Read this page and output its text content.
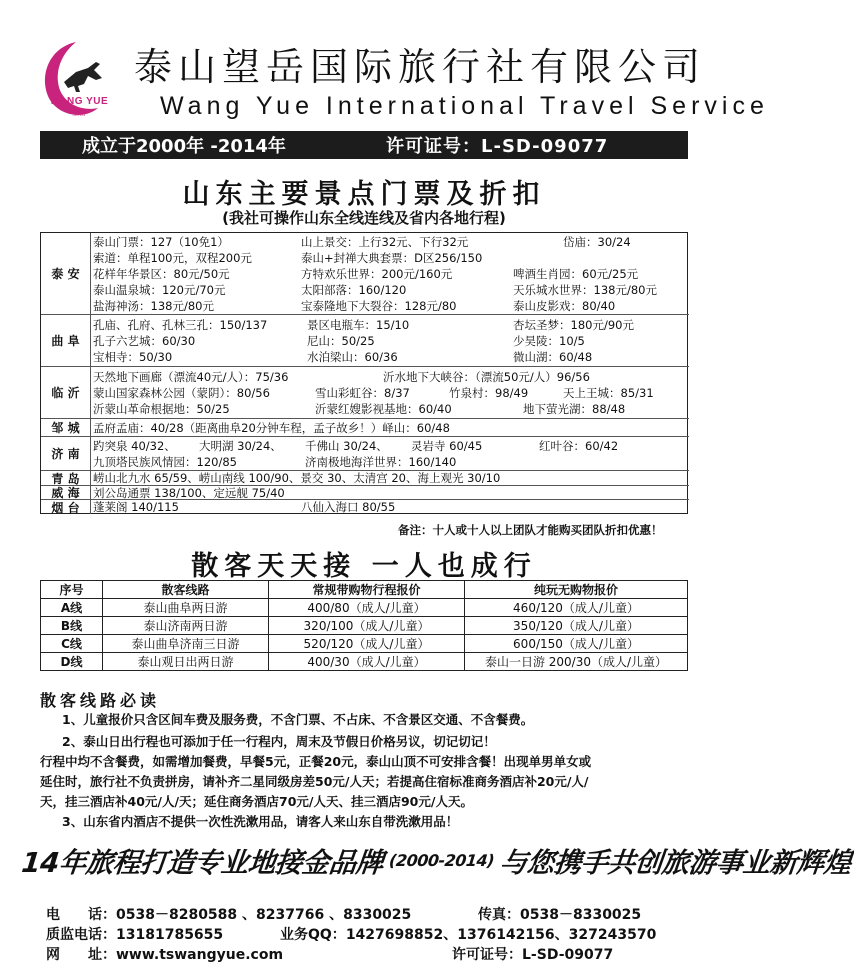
WANG YUE
望岳
泰山望岳国际旅行社有限公司
Wang Yue International Travel Service
成立于2000年 -2014年	许可证号：L-SD-09077
山东主要景点门票及折扣
(我社可操作山东全线连线及省内各地行程)
泰 安
泰山门票：127（10免1）	山上景交：上行32元、下行32元	岱庙：30/24
索道：单程100元，双程200元	泰山+封禅大典套票：D区256/150
花样年华景区：80元/50元	方特欢乐世界：200元/160元	啤酒生肖园：60元/25元
泰山温泉城：120元/70元	太阳部落：160/120	天乐城水世界：138元/80元
盐海神汤：138元/80元	宝泰隆地下大裂谷：128元/80	泰山皮影戏：80/40
曲 阜
孔庙、孔府、孔林三孔：150/137	景区电瓶车：15/10	杏坛圣梦：180元/90元
孔子六艺城：60/30	尼山：50/25	少昊陵：10/5
宝相寺：50/30	水泊梁山：60/36	微山湖：60/48
临 沂
天然地下画廊（漂流40元/人）：75/36	沂水地下大峡谷：（漂流50元/人）96/56
蒙山国家森林公园（蒙阴）：80/56	雪山彩虹谷：8/37	竹泉村：98/49	天上王城：85/31
沂蒙山革命根据地：50/25	沂蒙红嫂影视基地：60/40	地下萤光湖：88/48
邹 城	孟府孟庙：40/28（距离曲阜20分钟车程，孟子故乡！）峄山：60/48
济 南
趵突泉 40/32、 大明湖 30/24、 千佛山 30/24、 灵岩寺 60/45	红叶谷：60/42
九顶塔民族风情园：120/85	济南极地海洋世界：160/140
青 岛	崂山北九水 65/59、崂山南线 100/90、景交 30、太清宫 20、海上观光 30/10
威 海	刘公岛通票 138/100、定远舰 75/40
烟 台	蓬莱阁 140/115	八仙入海口 80/55
备注：十人或十人以上团队才能购买团队折扣优惠！
散客天天接 一人也成行
序号	散客线路	常规带购物行程报价	纯玩无购物报价
A线	泰山曲阜两日游	400/80（成人/儿童）	460/120（成人/儿童）
B线	泰山济南两日游	320/100（成人/儿童）	350/120（成人/儿童）
C线	泰山曲阜济南三日游	520/120（成人/儿童）	600/150（成人/儿童）
D线	泰山观日出两日游	400/30（成人/儿童）	泰山一日游 200/30（成人/儿童）
散客线路必读
1、儿童报价只含区间车费及服务费，不含门票、不占床、不含景区交通、不含餐费。
2、泰山日出行程也可添加于任一行程内，周末及节假日价格另议，切记切记！
行程中均不含餐费，如需增加餐费，早餐5元，正餐20元，泰山山顶不可安排含餐！出现单男单女或
延住时，旅行社不负责拼房，请补齐二星同级房差50元/人天；若提高住宿标准商务酒店补20元/人/
天，挂三酒店补40元/人/天；延住商务酒店70元/人天、挂三酒店90元/人天。
3、山东省内酒店不提供一次性洗漱用品，请客人来山东自带洗漱用品！
14年旅程打造专业地接金品牌 (2000-2014) 与您携手共创旅游事业新辉煌
电　　话：0538－8280588 、8237766 、8330025	传真：0538－8330025
质监电话：13181785655	业务QQ：1427698852、1376142156、327243570
网　　址：www.tswangyue.com	许可证号：L-SD-09077
